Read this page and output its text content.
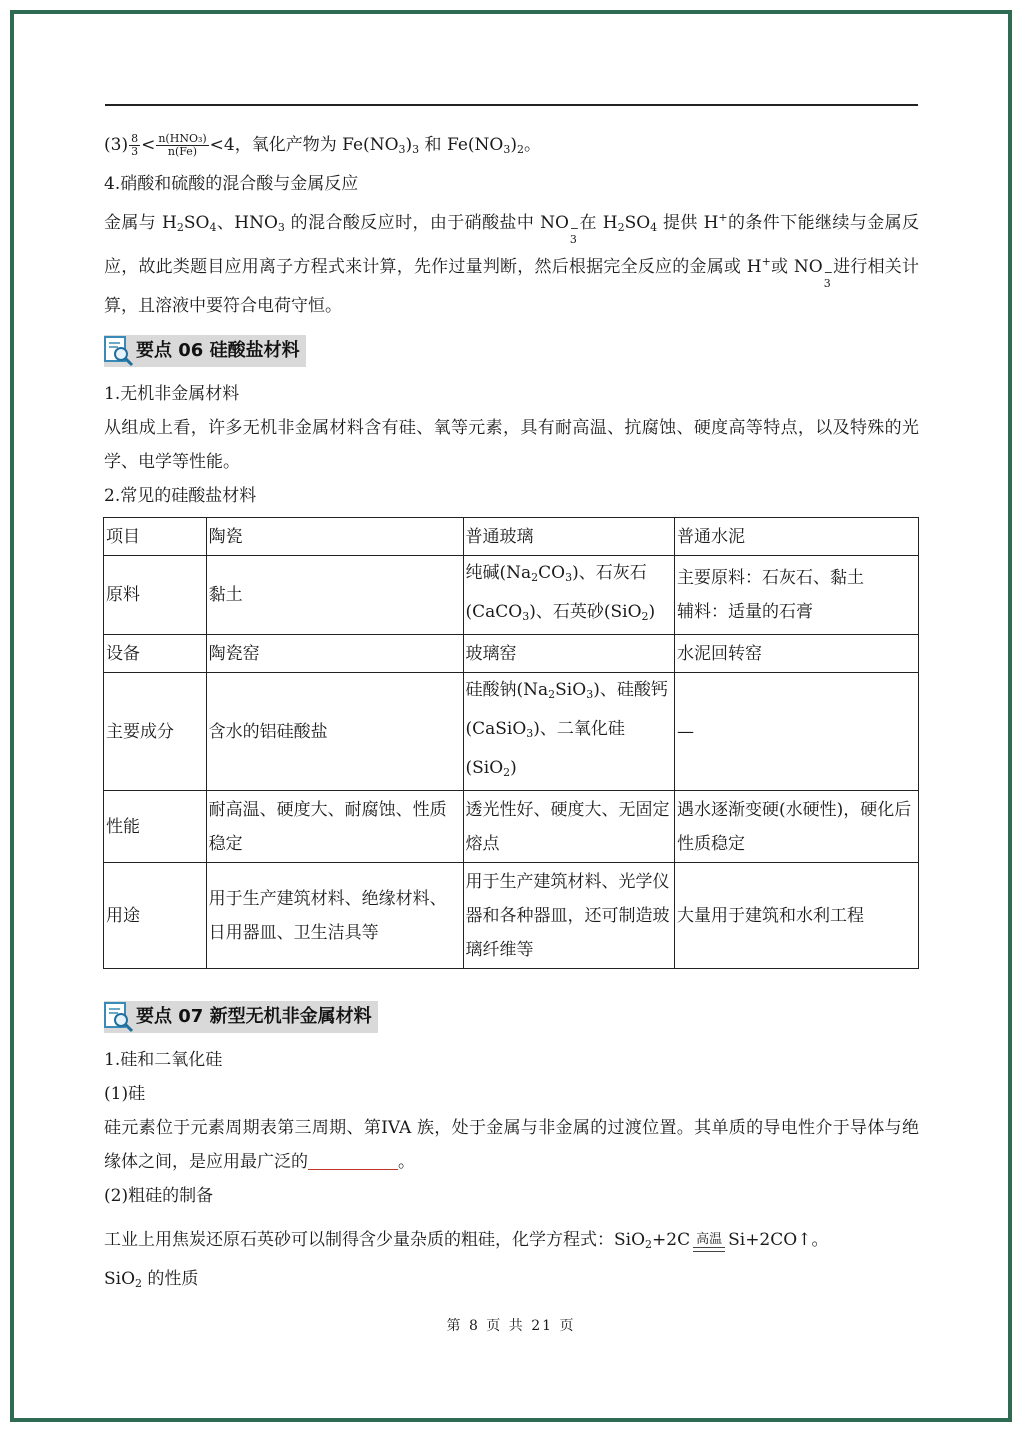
$(3) \frac{8}{3} < \frac{\text{n(HNO₃)}}{n(Fe)} <4$，氧化产物为 $Fe(NO_3)_3$ 和 $Fe(NO_3)_2$。

4.硝酸和硫酸的混合酸与金属反应

金属与 $H_2SO_4$、$HNO_3$ 的混合酸反应时，由于硝酸盐中 NO −
3
在 $H_2SO_4$ 提供 H+的条件下能继续与金属反应，故此类题目应用离子方程式来计算，先作过量判断，然后根据完全反应的金属或 H+或 NO −
3
进行相关计算，且溶液中要符合电荷守恒。

要点 06 硅酸盐材料

1.无机非金属材料

从组成上看，许多无机非金属材料含有硅、氧等元素，具有耐高温、抗腐蚀、硬度高等特点，以及特殊的光学、电学等性能。

2.常见的硅酸盐材料

项目	陶瓷	普通玻璃	普通水泥
原料	黏土	纯碱$(Na_2CO_3)$、石灰石(CaCO$_3$)、石英砂(SiO$_2$)	主要原料：石灰石、黏土
辅料：适量的石膏

设备	陶瓷窑	玻璃窑	水泥回转窑
主要成分	含水的铝硅酸盐	硅酸钠$(Na_2SiO_3)$、硅酸钙(CaSiO$_3$)、二氧化硅(SiO$_2$)	—
性能	耐高温、硬度大、耐腐蚀、性质稳定	透光性好、硬度大、无固定熔点	遇水逐渐变硬(水硬性)，硬化后性质稳定
用途	用于生产建筑材料、绝缘材料、日用器皿、卫生洁具等	用于生产建筑材料、光学仪器和各种器皿，还可制造玻璃纤维等	大量用于建筑和水利工程
要点 07 新型无机非金属材料

1.硅和二氧化硅

(1)硅

硅元素位于元素周期表第三周期、第IVA 族，处于金属与非金属的过渡位置。其单质的导电性介于导体与绝缘体之间，是应用最广泛的	。

(2)粗硅的制备

工业上用焦炭还原石英砂可以制得含少量杂质的粗硅，化学方程式：SiO$_2$+2C 高温 Si+2CO↑。

SiO$_2$ 的性质

第 8 页 共 21 页
